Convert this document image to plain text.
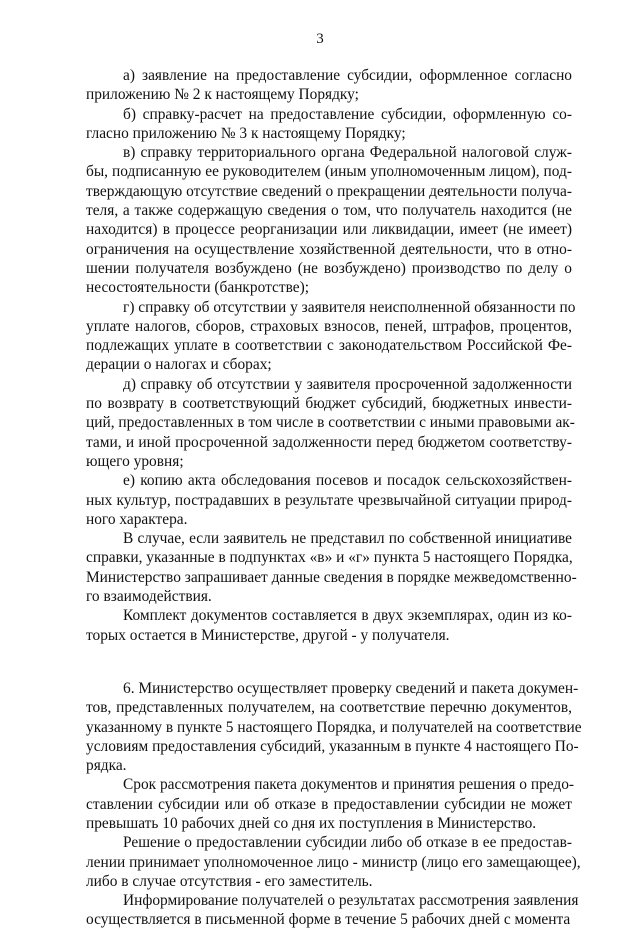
3
а) заявление на предоставление субсидии, оформленное согласно
приложению № 2 к настоящему Порядку;
б) справку-расчет на предоставление субсидии, оформленную со-
гласно приложению № 3 к настоящему Порядку;
в) справку территориального органа Федеральной налоговой служ-
бы, подписанную ее руководителем (иным уполномоченным лицом), под-
тверждающую отсутствие сведений о прекращении деятельности получа-
теля, а также содержащую сведения о том, что получатель находится (не
находится) в процессе реорганизации или ликвидации, имеет (не имеет)
ограничения на осуществление хозяйственной деятельности, что в отно-
шении получателя возбуждено (не возбуждено) производство по делу о
несостоятельности (банкротстве);
г) справку об отсутствии у заявителя неисполненной обязанности по
уплате налогов, сборов, страховых взносов, пеней, штрафов, процентов,
подлежащих уплате в соответствии с законодательством Российской Фе-
дерации о налогах и сборах;
д) справку об отсутствии у заявителя просроченной задолженности
по возврату в соответствующий бюджет субсидий, бюджетных инвести-
ций, предоставленных в том числе в соответствии с иными правовыми ак-
тами, и иной просроченной задолженности перед бюджетом соответству-
ющего уровня;
е) копию акта обследования посевов и посадок сельскохозяйствен-
ных культур, пострадавших в результате чрезвычайной ситуации природ-
ного характера.
В случае, если заявитель не представил по собственной инициативе
справки, указанные в подпунктах «в» и «г» пункта 5 настоящего Порядка,
Министерство запрашивает данные сведения в порядке межведомственно-
го взаимодействия.
Комплект документов составляется в двух экземплярах, один из ко-
торых остается в Министерстве, другой - у получателя.
6. Министерство осуществляет проверку сведений и пакета докумен-
тов, представленных получателем, на соответствие перечню документов,
указанному в пункте 5 настоящего Порядка, и получателей на соответствие
условиям предоставления субсидий, указанным в пункте 4 настоящего По-
рядка.
Срок рассмотрения пакета документов и принятия решения о предо-
ставлении субсидии или об отказе в предоставлении субсидии не может
превышать 10 рабочих дней со дня их поступления в Министерство.
Решение о предоставлении субсидии либо об отказе в ее предостав-
лении принимает уполномоченное лицо - министр (лицо его замещающее),
либо в случае отсутствия - его заместитель.
Информирование получателей о результатах рассмотрения заявления
осуществляется в письменной форме в течение 5 рабочих дней с момента
